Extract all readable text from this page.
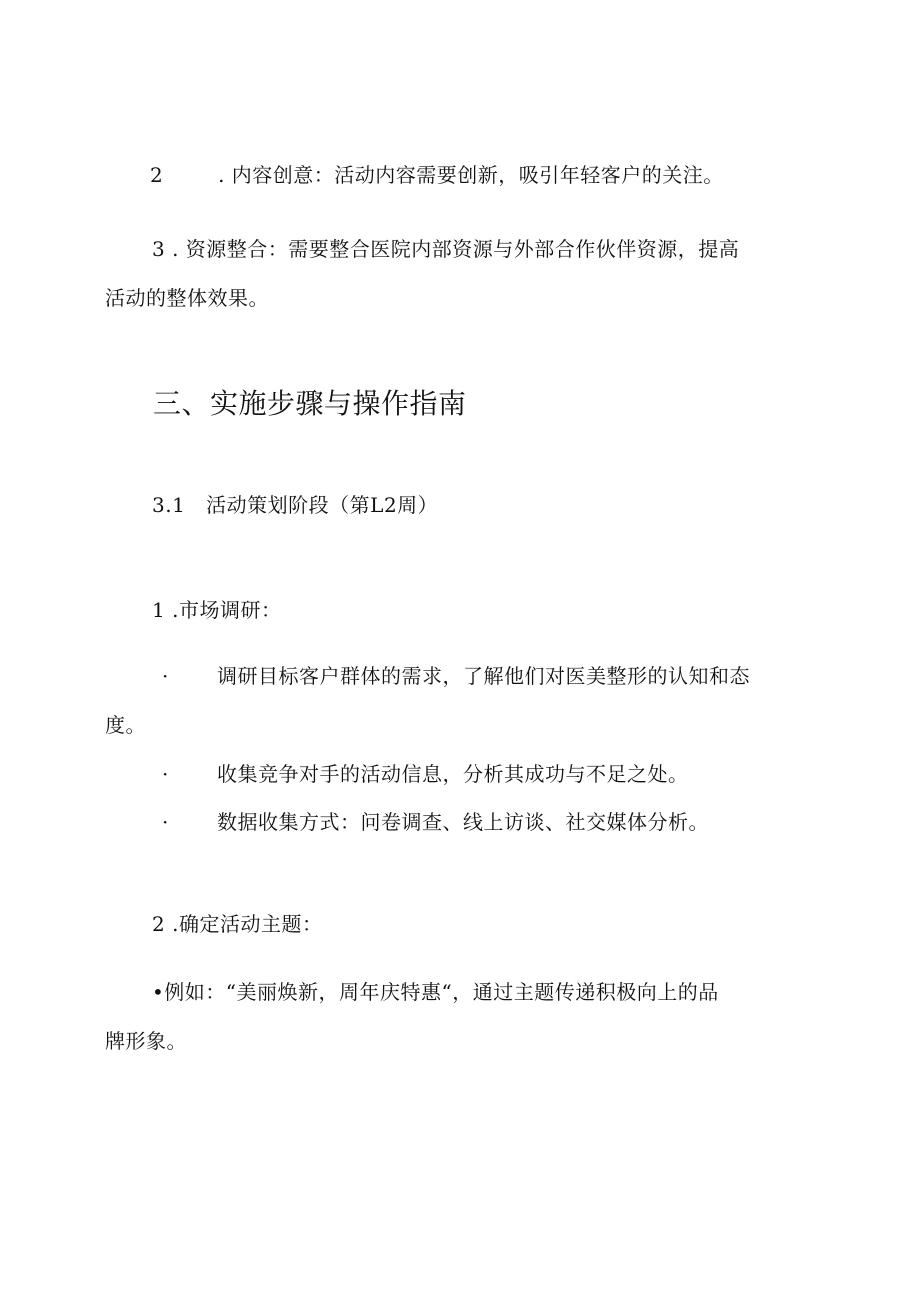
2	. 内容创意：活动内容需要创新，吸引年轻客户的关注。
3 . 资源整合：需要整合医院内部资源与外部合作伙伴资源，提高
活动的整体效果。
三、实施步骤与操作指南
3.1 活动策划阶段（第L2周）
1 .市场调研：
· 调研目标客户群体的需求，了解他们对医美整形的认知和态
度。
· 收集竞争对手的活动信息，分析其成功与不足之处。
· 数据收集方式：问卷调查、线上访谈、社交媒体分析。
2 .确定活动主题：
•例如：“美丽焕新，周年庆特惠“，通过主题传递积极向上的品
牌形象。
